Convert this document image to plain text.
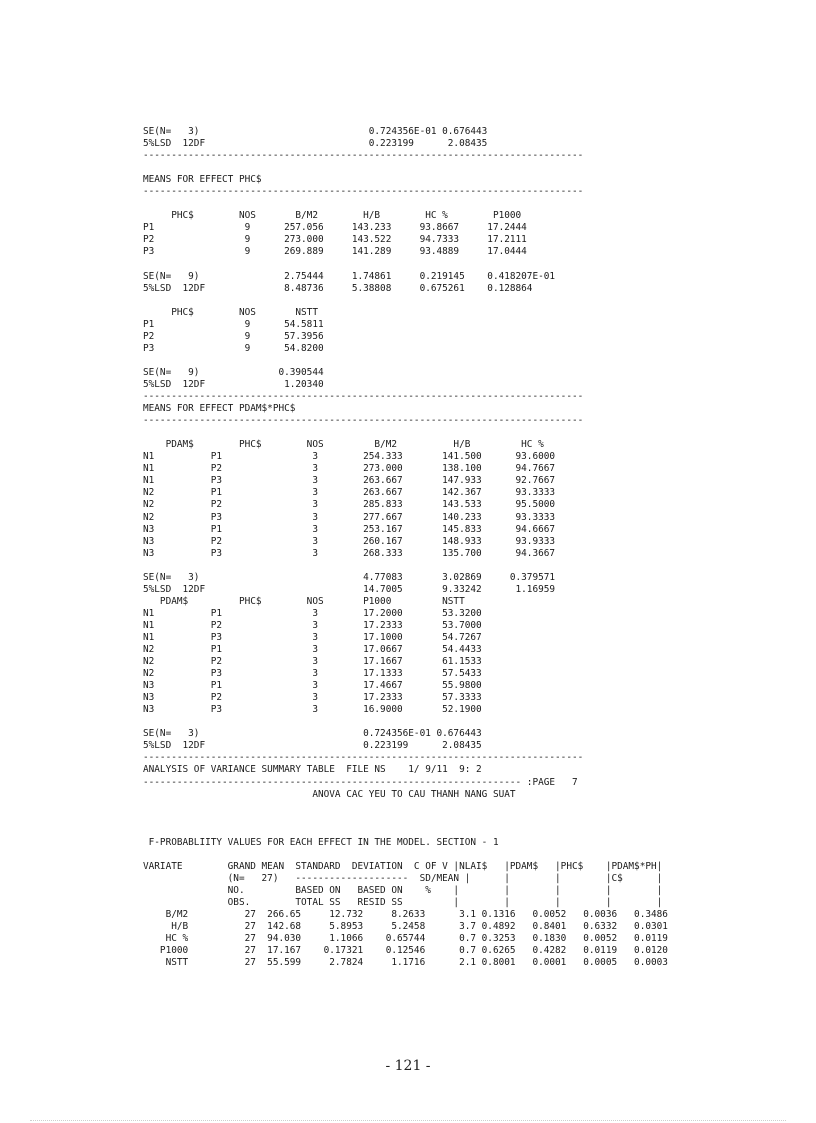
SE(N=   3)                              0.724356E-01 0.676443
5%LSD  12DF                             0.223199      2.08435
------------------------------------------------------------------------------
MEANS FOR EFFECT PHC$
------------------------------------------------------------------------------
PHC$        NOS       B/M2        H/B        HC %        P1000
P1                9      257.056     143.233     93.8667     17.2444
P2                9      273.000     143.522     94.7333     17.2111
P3                9      269.889     141.289     93.4889     17.0444
SE(N=   9)               2.75444     1.74861     0.219145    0.418207E-01
5%LSD  12DF              8.48736     5.38808     0.675261    0.128864
PHC$        NOS       NSTT
P1                9      54.5811
P2                9      57.3956
P3                9      54.8200
SE(N=   9)              0.390544
5%LSD  12DF              1.20340
------------------------------------------------------------------------------
MEANS FOR EFFECT PDAM$*PHC$
------------------------------------------------------------------------------
PDAM$        PHC$        NOS         B/M2          H/B         HC %
N1          P1                3        254.333       141.500      93.6000
N1          P2                3        273.000       138.100      94.7667
N1          P3                3        263.667       147.933      92.7667
N2          P1                3        263.667       142.367      93.3333
N2          P2                3        285.833       143.533      95.5000
N2          P3                3        277.667       140.233      93.3333
N3          P1                3        253.167       145.833      94.6667
N3          P2                3        260.167       148.933      93.9333
N3          P3                3        268.333       135.700      94.3667
SE(N=   3)                             4.77083       3.02869     0.379571
5%LSD  12DF                            14.7005       9.33242      1.16959
PDAM$         PHC$        NOS       P1000         NSTT
N1          P1                3        17.2000       53.3200
N1          P2                3        17.2333       53.7000
N1          P3                3        17.1000       54.7267
N2          P1                3        17.0667       54.4433
N2          P2                3        17.1667       61.1533
N2          P3                3        17.1333       57.5433
N3          P1                3        17.4667       55.9800
N3          P2                3        17.2333       57.3333
N3          P3                3        16.9000       52.1900
SE(N=   3)                             0.724356E-01 0.676443
5%LSD  12DF                            0.223199      2.08435
------------------------------------------------------------------------------
ANALYSIS OF VARIANCE SUMMARY TABLE  FILE NS    1/ 9/11  9: 2
------------------------------------------------------------------- :PAGE   7
ANOVA CAC YEU TO CAU THANH NANG SUAT
F-PROBABLIITY VALUES FOR EACH EFFECT IN THE MODEL. SECTION - 1
VARIATE        GRAND MEAN  STANDARD  DEVIATION  C OF V |NLAI$   |PDAM$   |PHC$    |PDAM$*PH|
(N=   27)   --------------------  SD/MEAN |      |        |        |C$      |
NO.         BASED ON   BASED ON    %    |        |        |        |        |
OBS.        TOTAL SS   RESID SS         |        |        |        |        |
B/M2          27  266.65     12.732     8.2633      3.1 0.1316   0.0052   0.0036   0.3486
H/B          27  142.68     5.8953     5.2458      3.7 0.4892   0.8401   0.6332   0.0301
HC %          27  94.030     1.1066    0.65744      0.7 0.3253   0.1830   0.0052   0.0119
P1000          27  17.167    0.17321    0.12546      0.7 0.6265   0.4282   0.0119   0.0120
NSTT          27  55.599     2.7824     1.1716      2.1 0.8001   0.0001   0.0005   0.0003
- 121 -
